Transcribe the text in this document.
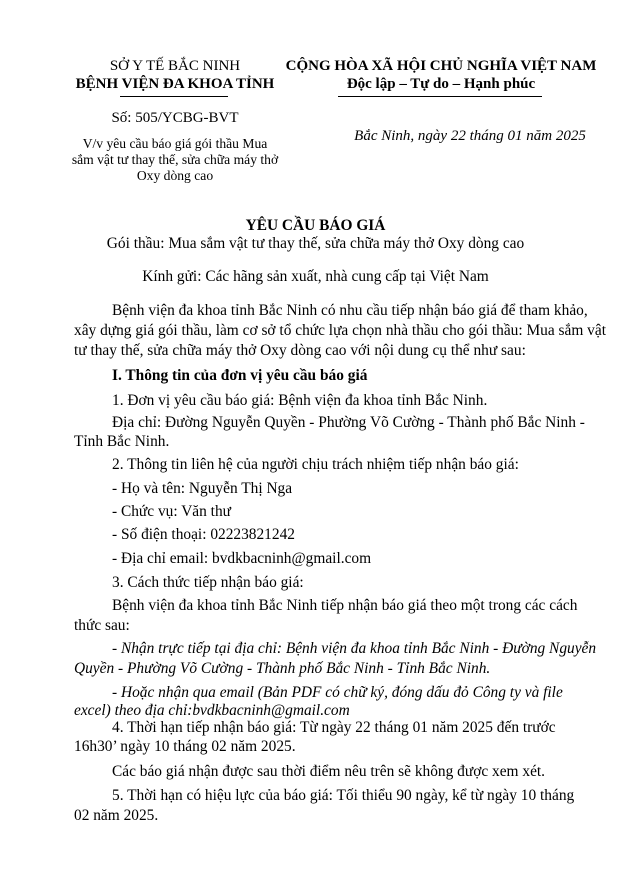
SỞ Y TẾ BẮC NINH
BỆNH VIỆN ĐA KHOA TỈNH
CỘNG HÒA XÃ HỘI CHỦ NGHĨA VIỆT NAM
Độc lập – Tự do – Hạnh phúc
Số: 505/YCBG-BVT
V/v yêu cầu báo giá gói thầu Mua
sắm vật tư thay thế, sửa chữa máy thở
Oxy dòng cao
Bắc Ninh, ngày 22 tháng 01 năm 2025
YÊU CẦU BÁO GIÁ
Gói thầu: Mua sắm vật tư thay thế, sửa chữa máy thở Oxy dòng cao
Kính gửi: Các hãng sản xuất, nhà cung cấp tại Việt Nam
Bệnh viện đa khoa tỉnh Bắc Ninh có nhu cầu tiếp nhận báo giá để tham khảo,
xây dựng giá gói thầu, làm cơ sở tổ chức lựa chọn nhà thầu cho gói thầu: Mua sắm vật
tư thay thế, sửa chữa máy thở Oxy dòng cao với nội dung cụ thể như sau:
I. Thông tin của đơn vị yêu cầu báo giá
1. Đơn vị yêu cầu báo giá: Bệnh viện đa khoa tỉnh Bắc Ninh.
Địa chỉ: Đường Nguyễn Quyền - Phường Võ Cường - Thành phố Bắc Ninh -
Tỉnh Bắc Ninh.
2. Thông tin liên hệ của người chịu trách nhiệm tiếp nhận báo giá:
- Họ và tên: Nguyễn Thị Nga
- Chức vụ: Văn thư
- Số điện thoại: 02223821242
- Địa chỉ email: bvdkbacninh@gmail.com
3. Cách thức tiếp nhận báo giá:
Bệnh viện đa khoa tỉnh Bắc Ninh tiếp nhận báo giá theo một trong các cách
thức sau:
- Nhận trực tiếp tại địa chỉ: Bệnh viện đa khoa tỉnh Bắc Ninh - Đường Nguyễn
Quyền - Phường Võ Cường - Thành phố Bắc Ninh - Tỉnh Bắc Ninh.
- Hoặc nhận qua email (Bản PDF có chữ ký, đóng dấu đỏ Công ty và file
excel) theo địa chỉ:bvdkbacninh@gmail.com
4. Thời hạn tiếp nhận báo giá: Từ ngày 22 tháng 01 năm 2025 đến trước
16h30’ ngày 10 tháng 02 năm 2025.
Các báo giá nhận được sau thời điểm nêu trên sẽ không được xem xét.
5. Thời hạn có hiệu lực của báo giá: Tối thiểu 90 ngày, kể từ ngày 10 tháng
02 năm 2025.
